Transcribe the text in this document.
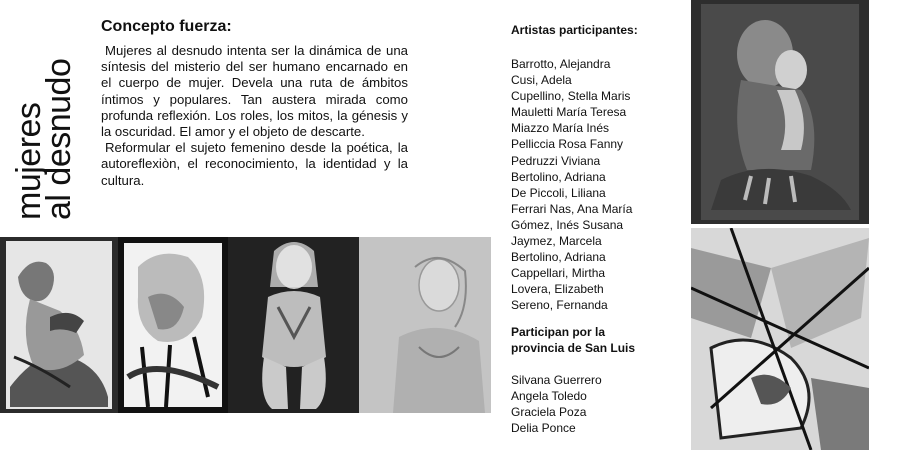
mujeres
al desnudo
Concepto fuerza:

Mujeres al desnudo intenta ser la dinámica de una síntesis del misterio del ser humano encarnado en el cuerpo de mujer. Devela una ruta de ámbitos íntimos y populares. Tan austera mirada como profunda reflexión. Los roles, los mitos, la génesis y la oscuridad. El amor y el objeto de descarte.

Reformular el sujeto femenino desde la poética, la autoreflexiòn, el reconocimiento, la identidad y la cultura.

Artistas participantes:
Barrotto, Alejandra
Cusi, Adela
Cupellino, Stella Maris
Mauletti María Teresa
Miazzo María Inés
Pelliccia Rosa Fanny
Pedruzzi Viviana
Bertolino, Adriana
De Piccoli, Liliana
Ferrari Nas, Ana María
Gómez, Inés Susana
Jaymez, Marcela
Bertolino, Adriana
Cappellari, Mirtha
Lovera, Elizabeth
Sereno, Fernanda
Participan por la
provincia de San Luis
Silvana Guerrero
Angela Toledo
Graciela Poza
Delia Ponce
